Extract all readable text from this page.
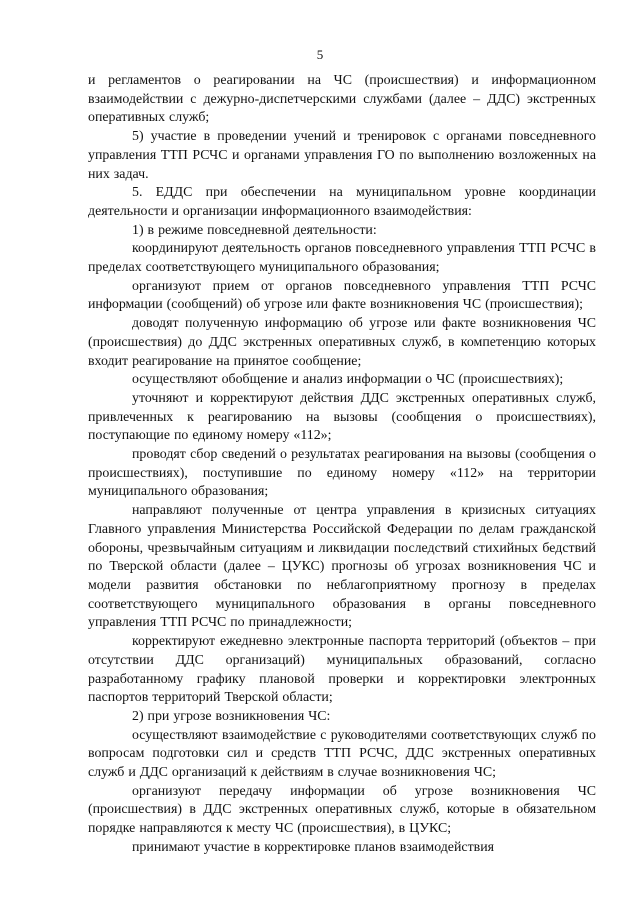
5

и регламентов о реагировании на ЧС (происшествия) и информационном взаимодействии с дежурно-диспетчерскими службами (далее – ДДС) экстренных оперативных служб;

5) участие в проведении учений и тренировок с органами повседневного управления ТТП РСЧС и органами управления ГО по выполнению возложенных на них задач.

5. ЕДДС при обеспечении на муниципальном уровне координации деятельности и организации информационного взаимодействия:

1) в режиме повседневной деятельности:

координируют деятельность органов повседневного управления ТТП РСЧС в пределах соответствующего муниципального образования;

организуют прием от органов повседневного управления ТТП РСЧС информации (сообщений) об угрозе или факте возникновения ЧС (происшествия);

доводят полученную информацию об угрозе или факте возникновения ЧС (происшествия) до ДДС экстренных оперативных служб, в компетенцию которых входит реагирование на принятое сообщение;

осуществляют обобщение и анализ информации о ЧС (происшествиях);

уточняют и корректируют действия ДДС экстренных оперативных служб, привлеченных к реагированию на вызовы (сообщения о происшествиях), поступающие по единому номеру «112»;

проводят сбор сведений о результатах реагирования на вызовы (сообщения о происшествиях), поступившие по единому номеру «112» на территории муниципального образования;

направляют полученные от центра управления в кризисных ситуациях Главного управления Министерства Российской Федерации по делам гражданской обороны, чрезвычайным ситуациям и ликвидации последствий стихийных бедствий по Тверской области (далее – ЦУКС) прогнозы об угрозах возникновения ЧС и модели развития обстановки по неблагоприятному прогнозу в пределах соответствующего муниципального образования в органы повседневного управления ТТП РСЧС по принадлежности;

корректируют ежедневно электронные паспорта территорий (объектов – при отсутствии ДДС организаций) муниципальных образований, согласно разработанному графику плановой проверки и корректировки электронных паспортов территорий Тверской области;

2) при угрозе возникновения ЧС:

осуществляют взаимодействие с руководителями соответствующих служб по вопросам подготовки сил и средств ТТП РСЧС, ДДС экстренных оперативных служб и ДДС организаций к действиям в случае возникновения ЧС;

организуют передачу информации об угрозе возникновения ЧС (происшествия) в ДДС экстренных оперативных служб, которые в обязательном порядке направляются к месту ЧС (происшествия), в ЦУКС;

принимают участие в корректировке планов взаимодействия
